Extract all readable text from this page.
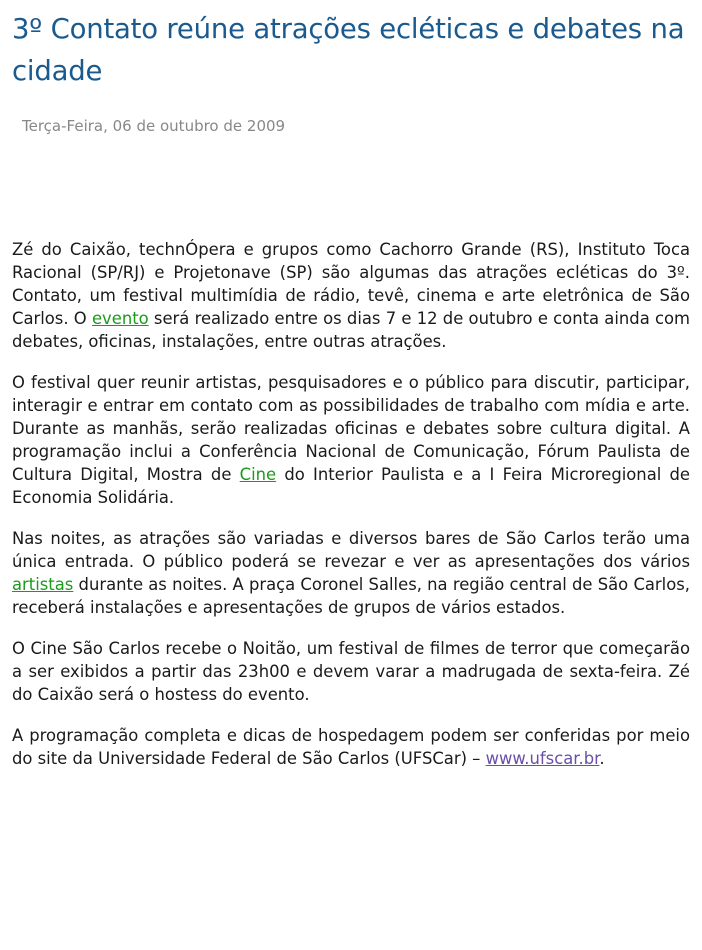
3º Contato reúne atrações ecléticas e debates na cidade
Terça-Feira, 06 de outubro de 2009

Zé do Caixão, technÓpera e grupos como Cachorro Grande (RS), Instituto Toca Racional (SP/RJ) e Projetonave (SP) são algumas das atrações ecléticas do 3º. Contato, um festival multimídia de rádio, tevê, cinema e arte eletrônica de São Carlos. O evento será realizado entre os dias 7 e 12 de outubro e conta ainda com debates, oficinas, instalações, entre outras atrações.

O festival quer reunir artistas, pesquisadores e o público para discutir, participar, interagir e entrar em contato com as possibilidades de trabalho com mídia e arte. Durante as manhãs, serão realizadas oficinas e debates sobre cultura digital. A programação inclui a Conferência Nacional de Comunicação, Fórum Paulista de Cultura Digital, Mostra de Cine do Interior Paulista e a I Feira Microregional de Economia Solidária.

Nas noites, as atrações são variadas e diversos bares de São Carlos terão uma única entrada. O público poderá se revezar e ver as apresentações dos vários artistas durante as noites. A praça Coronel Salles, na região central de São Carlos, receberá instalações e apresentações de grupos de vários estados.

O Cine São Carlos recebe o Noitão, um festival de filmes de terror que começarão a ser exibidos a partir das 23h00 e devem varar a madrugada de sexta-feira. Zé do Caixão será o hostess do evento.

A programação completa e dicas de hospedagem podem ser conferidas por meio do site da Universidade Federal de São Carlos (UFSCar) – www.ufscar.br.
